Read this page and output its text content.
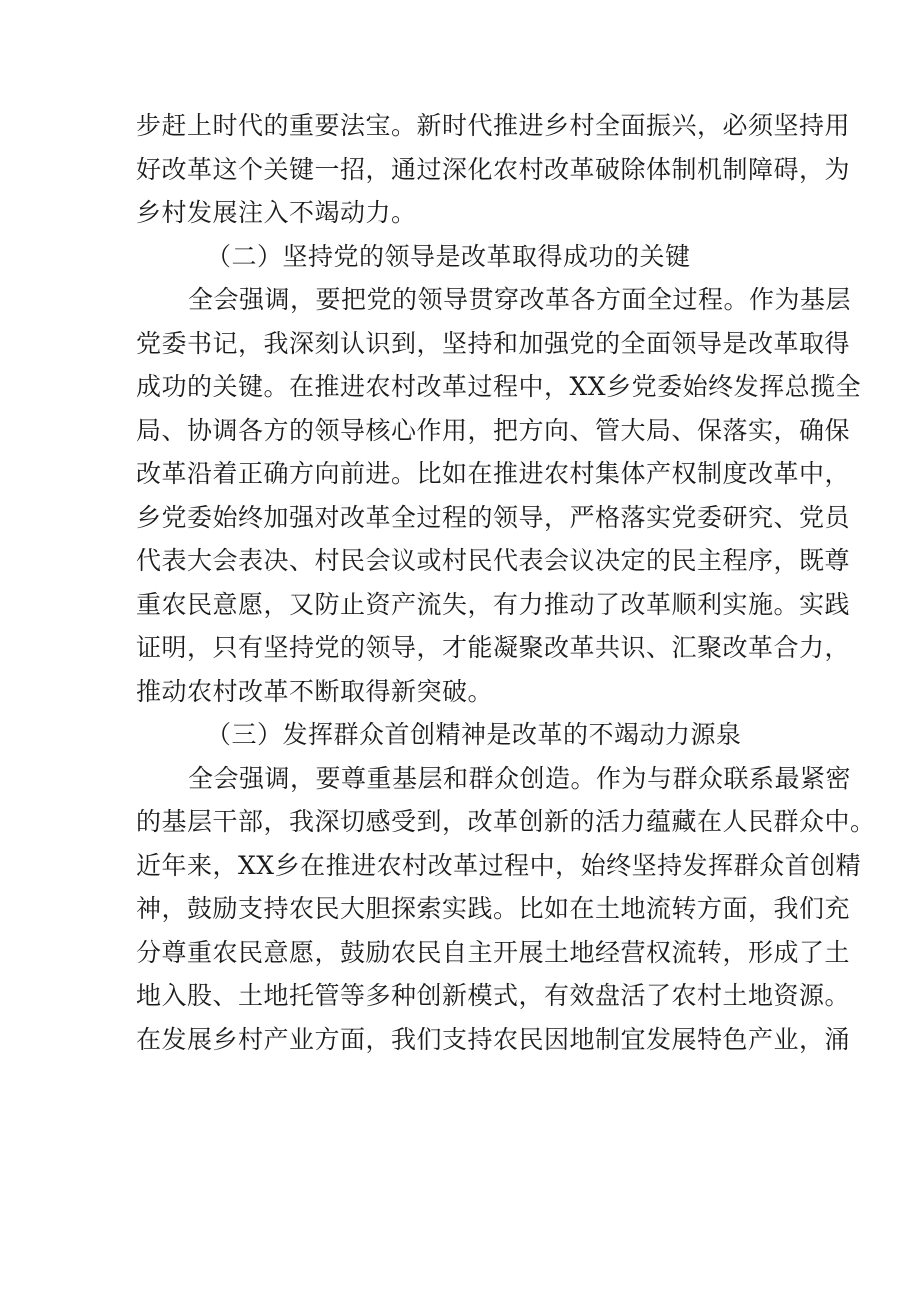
步赶上时代的重要法宝。新时代推进乡村全面振兴，必须坚持用
好改革这个关键一招，通过深化农村改革破除体制机制障碍，为
乡村发展注入不竭动力。
（二）坚持党的领导是改革取得成功的关键
全会强调，要把党的领导贯穿改革各方面全过程。作为基层
党委书记，我深刻认识到，坚持和加强党的全面领导是改革取得
成功的关键。在推进农村改革过程中，XX乡党委始终发挥总揽全
局、协调各方的领导核心作用，把方向、管大局、保落实，确保
改革沿着正确方向前进。比如在推进农村集体产权制度改革中，
乡党委始终加强对改革全过程的领导，严格落实党委研究、党员
代表大会表决、村民会议或村民代表会议决定的民主程序，既尊
重农民意愿，又防止资产流失，有力推动了改革顺利实施。实践
证明，只有坚持党的领导，才能凝聚改革共识、汇聚改革合力，
推动农村改革不断取得新突破。
（三）发挥群众首创精神是改革的不竭动力源泉
全会强调，要尊重基层和群众创造。作为与群众联系最紧密
的基层干部，我深切感受到，改革创新的活力蕴藏在人民群众中。
近年来，XX乡在推进农村改革过程中，始终坚持发挥群众首创精
神，鼓励支持农民大胆探索实践。比如在土地流转方面，我们充
分尊重农民意愿，鼓励农民自主开展土地经营权流转，形成了土
地入股、土地托管等多种创新模式，有效盘活了农村土地资源。
在发展乡村产业方面，我们支持农民因地制宜发展特色产业，涌
